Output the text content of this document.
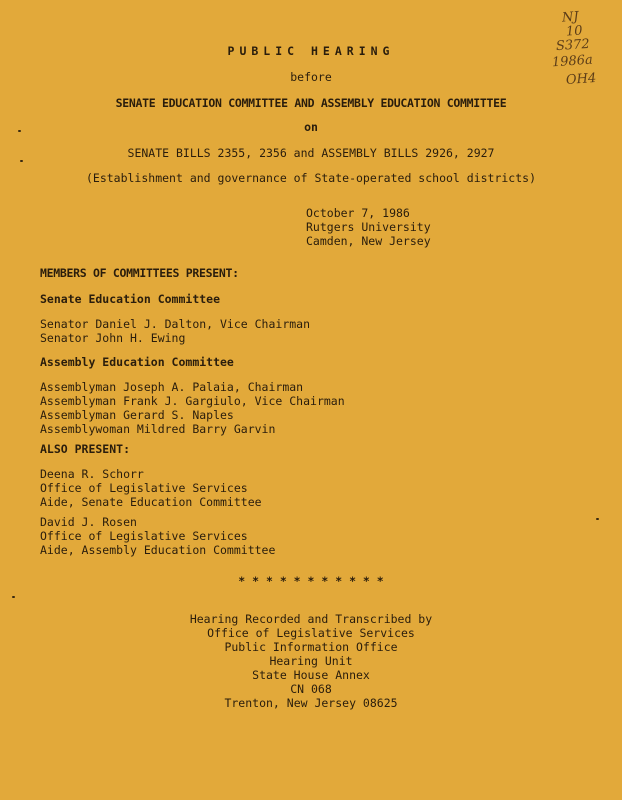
NJ
10
S372
1986a
OH4
PUBLIC HEARING
before
SENATE EDUCATION COMMITTEE AND ASSEMBLY EDUCATION COMMITTEE
on
SENATE BILLS 2355, 2356 and ASSEMBLY BILLS 2926, 2927
(Establishment and governance of State-operated school districts)
October 7, 1986
Rutgers University
Camden, New Jersey
MEMBERS OF COMMITTEES PRESENT:
Senate Education Committee
Senator Daniel J. Dalton, Vice Chairman
Senator John H. Ewing
Assembly Education Committee
Assemblyman Joseph A. Palaia, Chairman
Assemblyman Frank J. Gargiulo, Vice Chairman
Assemblyman Gerard S. Naples
Assemblywoman Mildred Barry Garvin
ALSO PRESENT:
Deena R. Schorr
Office of Legislative Services
Aide, Senate Education Committee
David J. Rosen
Office of Legislative Services
Aide, Assembly Education Committee
* * * * * * * * * * *
Hearing Recorded and Transcribed by
Office of Legislative Services
Public Information Office
Hearing Unit
State House Annex
CN 068
Trenton, New Jersey 08625
